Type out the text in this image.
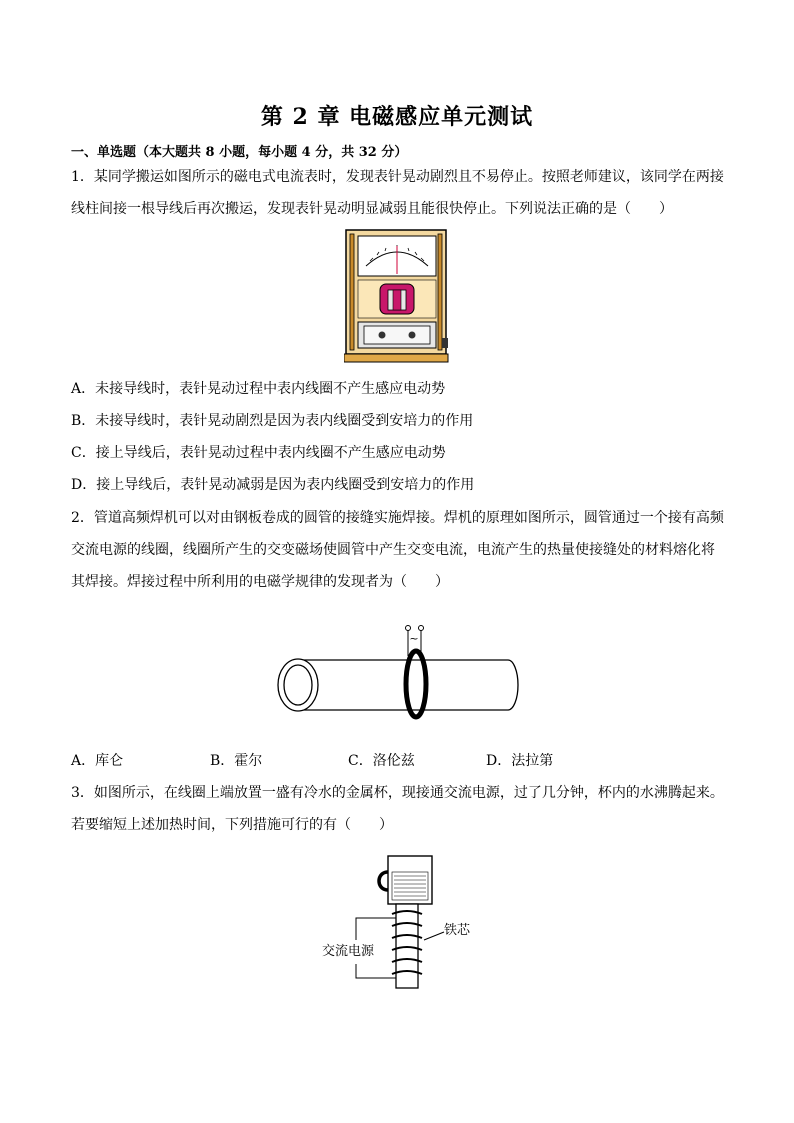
第 2 章 电磁感应单元测试
一、单选题（本大题共 8 小题，每小题 4 分，共 32 分）
1．某同学搬运如图所示的磁电式电流表时，发现表针晃动剧烈且不易停止。按照老师建议，该同学在两接
线柱间接一根导线后再次搬运，发现表针晃动明显减弱且能很快停止。下列说法正确的是（　　）
A．未接导线时，表针晃动过程中表内线圈不产生感应电动势
B．未接导线时，表针晃动剧烈是因为表内线圈受到安培力的作用
C．接上导线后，表针晃动过程中表内线圈不产生感应电动势
D．接上导线后，表针晃动减弱是因为表内线圈受到安培力的作用
2．管道高频焊机可以对由钢板卷成的圆管的接缝实施焊接。焊机的原理如图所示，圆管通过一个接有高频
交流电源的线圈，线圈所产生的交变磁场使圆管中产生交变电流，电流产生的热量使接缝处的材料熔化将
其焊接。焊接过程中所利用的电磁学规律的发现者为（　　）
~
A．库仑	B．霍尔	C．洛伦兹	D．法拉第
3．如图所示，在线圈上端放置一盛有冷水的金属杯，现接通交流电源，过了几分钟，杯内的水沸腾起来。
若要缩短上述加热时间，下列措施可行的有（　　）
交流电源
铁芯
